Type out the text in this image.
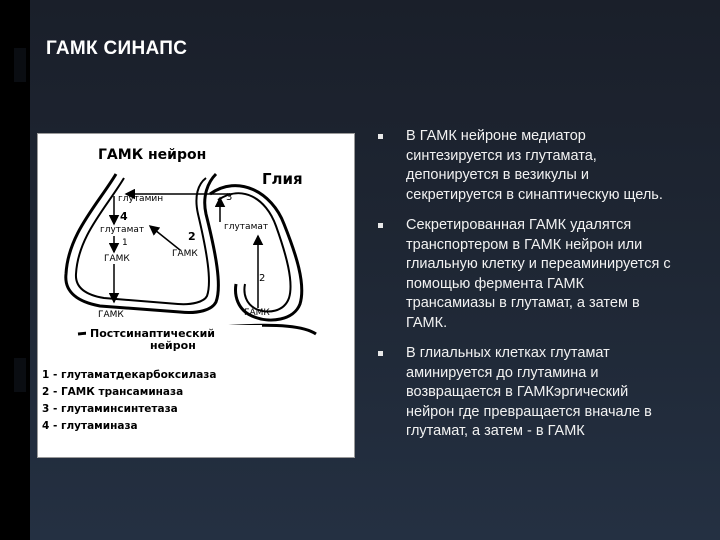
ГАМК СИНАПС
ГАМК нейрон
Глия
глутамин
4
глутамат
1
ГАМК
2
ГАМК
3
глутамат
2
ГАМК	ГАМК
Постсинаптический
нейрон
1 - глутаматдекарбоксилаза
2 - ГАМК трансаминаза
3 - глутаминсинтетаза
4 - глутаминаза
В ГАМК нейроне медиатор синтезируется из глутамата, депонируется в везикулы и секретируется в синаптическую щель.
Секретированная ГАМК удалятся транспортером в ГАМК нейрон или глиальную клетку и переаминируется с помощью фермента ГАМК трансамиазы в глутамат, а затем в ГАМК.
В глиальных клетках глутамат аминируется до глутамина и возвращается в ГАМКэргический нейрон где превращается вначале в глутамат, а затем - в ГАМК
